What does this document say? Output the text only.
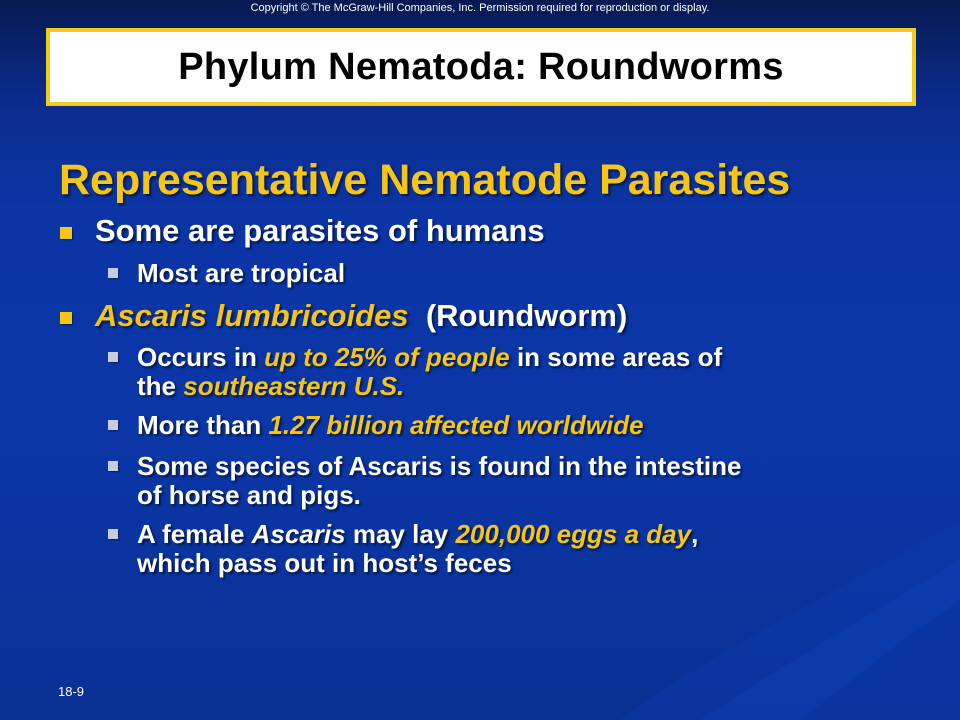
Copyright © The McGraw-Hill Companies, Inc. Permission required for reproduction or display.
Phylum Nematoda: Roundworms
Representative Nematode Parasites
Some are parasites of humans
Most are tropical
Ascaris lumbricoides (Roundworm)
Occurs in up to 25% of people in some areas of
the southeastern U.S.
More than 1.27 billion affected worldwide
Some species of Ascaris is found in the intestine
of horse and pigs.
A female Ascaris may lay 200,000 eggs a day,
which pass out in host’s feces
18-9
